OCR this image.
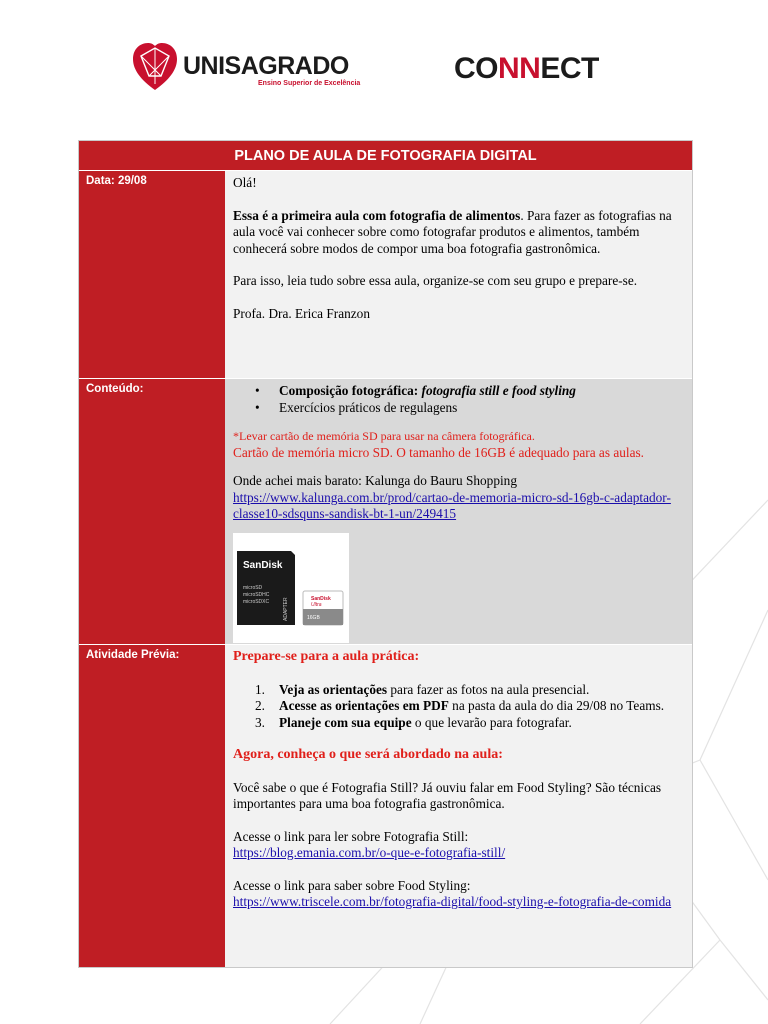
UNISAGRADO
Ensino Superior de Excelência	CONNECT
PLANO DE AULA DE FOTOGRAFIA DIGITAL
Data: 29/08	Olá!

Essa é a primeira aula com fotografia de alimentos. Para fazer as fotografias na aula você vai conhecer sobre como fotografar produtos e alimentos, também conhecerá sobre modos de compor uma boa fotografia gastronômica.

Para isso, leia tudo sobre essa aula, organize-se com seu grupo e prepare-se.

Profa. Dra. Erica Franzon

Conteúdo:
•	Composição fotográfica: fotografia still e food styling
• Exercícios práticos de regulagens

*Levar cartão de memória SD para usar na câmera fotográfica.

Cartão de memória micro SD. O tamanho de 16GB é adequado para as aulas.

Onde achei mais barato: Kalunga do Bauru Shopping

https://www.kalunga.com.br/prod/cartao-de-memoria-micro-sd-16gb-c-adaptador-classe10-sdsquns-sandisk-bt-1-un/249415

SanDisk
microSD
microSDHC
microSDXC	ADAPTER	SanDisk
Ultra
16GB
Atividade Prévia:	Prepare-se para a aula prática:

1. Veja as orientações para fazer as fotos na aula presencial.
2. Acesse as orientações em PDF na pasta da aula do dia 29/08 no Teams.
3. Planeje com sua equipe o que levarão para fotografar.

Agora, conheça o que será abordado na aula:

Você sabe o que é Fotografia Still? Já ouviu falar em Food Styling? São técnicas importantes para uma boa fotografia gastronômica.

Acesse o link para ler sobre Fotografia Still:

https://blog.emania.com.br/o-que-e-fotografia-still/

Acesse o link para saber sobre Food Styling:

https://www.triscele.com.br/fotografia-digital/food-styling-e-fotografia-de-comida
